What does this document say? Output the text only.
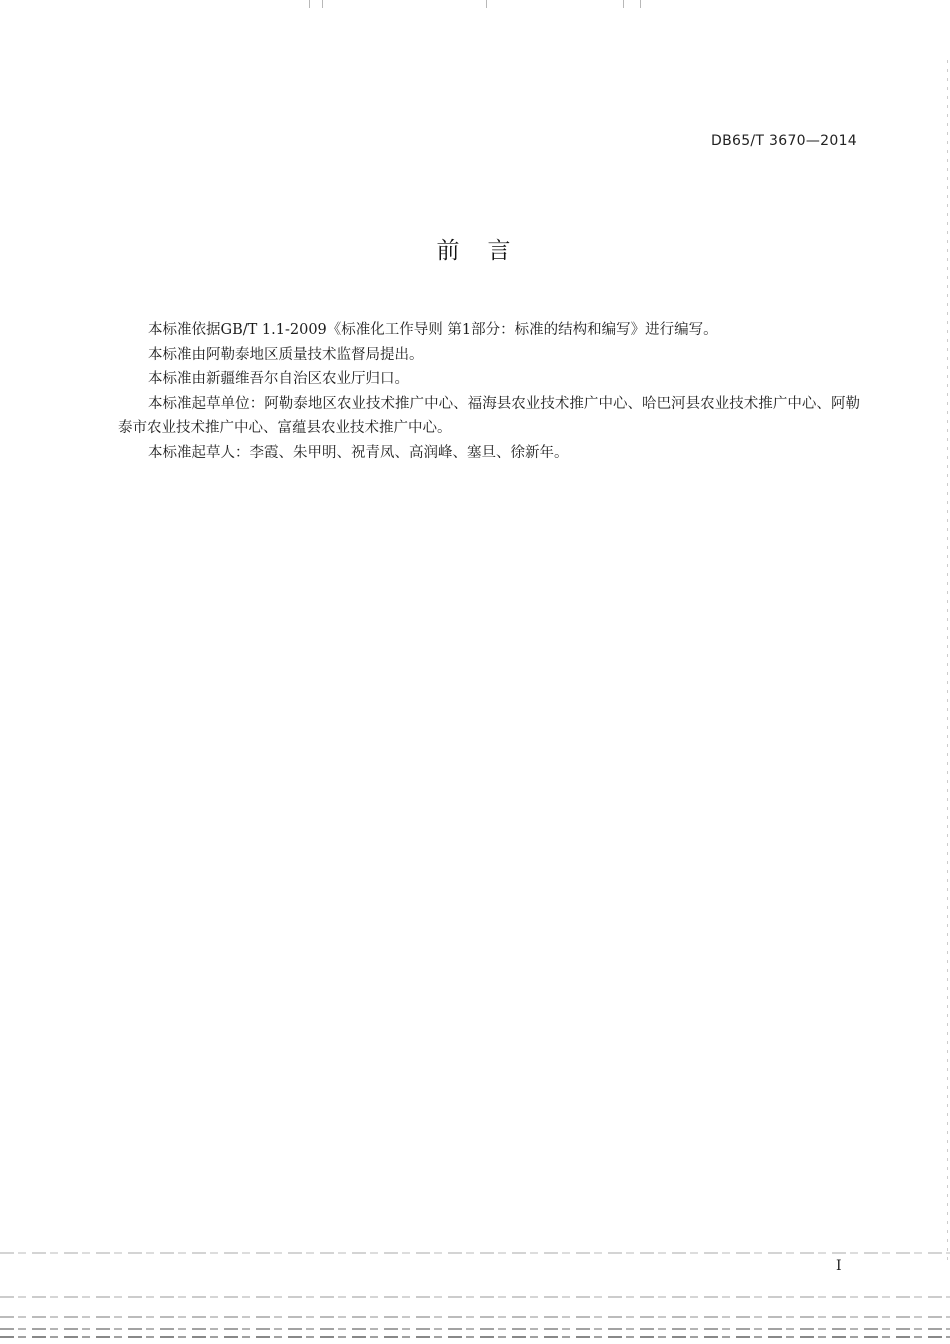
DB65/T 3670—2014
前言

本标准依据GB/T 1.1-2009《标准化工作导则 第1部分：标准的结构和编写》进行编写。

本标准由阿勒泰地区质量技术监督局提出。

本标准由新疆维吾尔自治区农业厅归口。

本标准起草单位：阿勒泰地区农业技术推广中心、福海县农业技术推广中心、哈巴河县农业技术推广中心、阿勒泰市农业技术推广中心、富蕴县农业技术推广中心。

本标准起草人：李霞、朱甲明、祝青凤、高润峰、塞旦、徐新年。

I
